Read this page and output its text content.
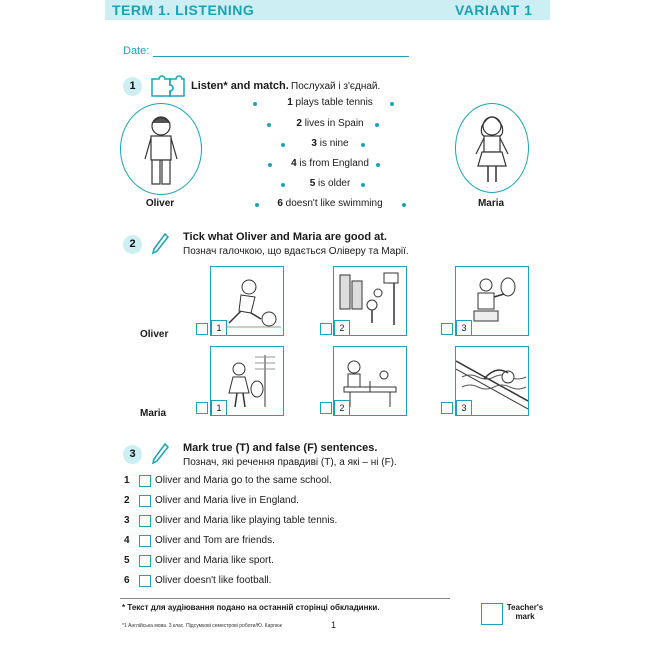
TERM 1. LISTENING	VARIANT 1
Date:
1	Listen* and match. Послухай і з'єднай.
Oliver	Maria
1 plays table tennis
2 lives in Spain
3 is nine
4 is from England
5 is older
6 doesn't like swimming
2
Tick what Oliver and Maria are good at.
Познач галочкою, що вдається Оліверу та Марії.
Oliver
Maria
1	2	3
1	2	3
3	Mark true (T) and false (F) sentences.
Познач, які речення правдиві (T), а які – ні (F).
1	Oliver and Maria go to the same school.
2	Oliver and Maria live in England.
3	Oliver and Maria like playing table tennis.
4	Oliver and Tom are friends.
5	Oliver and Maria like sport.
6	Oliver doesn't like football.
* Текст для аудіювання подано на останній сторінці обкладинки.
*1 Англійська мова. 3 клас. Підсумкові семестрові роботи/Ю. Карпюк	1
Teacher's mark
